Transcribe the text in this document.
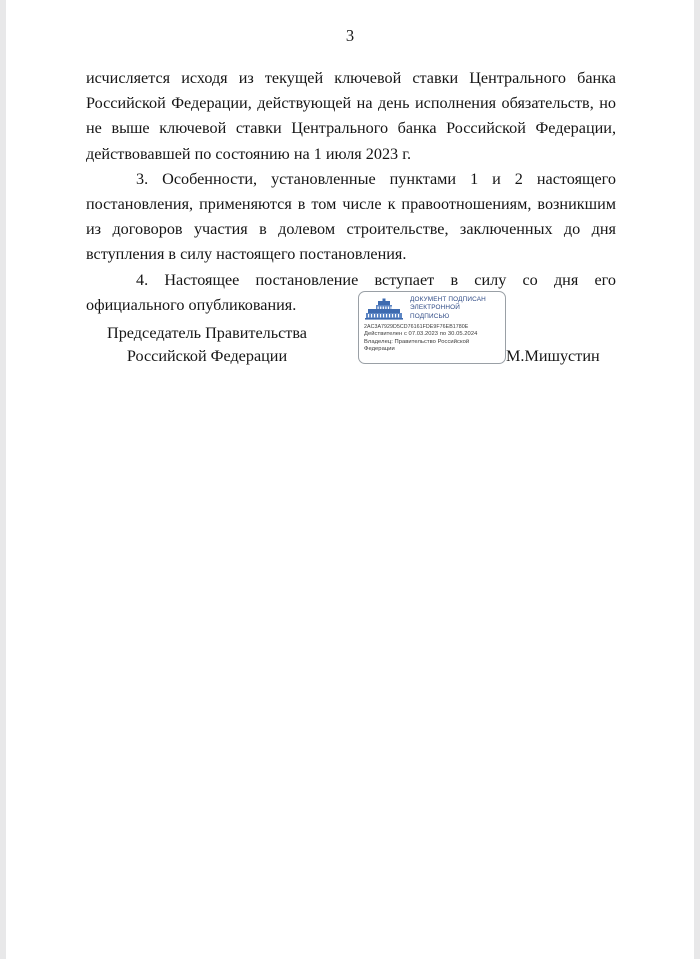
3

исчисляется исходя из текущей ключевой ставки Центрального банка Российской Федерации, действующей на день исполнения обязательств, но не выше ключевой ставки Центрального банка Российской Федерации, действовавшей по состоянию на 1 июля 2023 г.

3. Особенности, установленные пунктами 1 и 2 настоящего постановления, применяются в том числе к правоотношениям, возникшим из договоров участия в долевом строительстве, заключенных до дня вступления в силу настоящего постановления.

4. Настоящее постановление вступает в силу со дня его официального опубликования.	ДОКУМЕНТ ПОДПИСАН
ЭЛЕКТРОННОЙ ПОДПИСЬЮ
2AC3A7929D5CD76161FDE9F76EB1780E
Действителен с 07.03.2023 по 30.05.2024
Владелец: Правительство Российской Федерации
Председатель Правительства
Российской Федерации	М.Мишустин
